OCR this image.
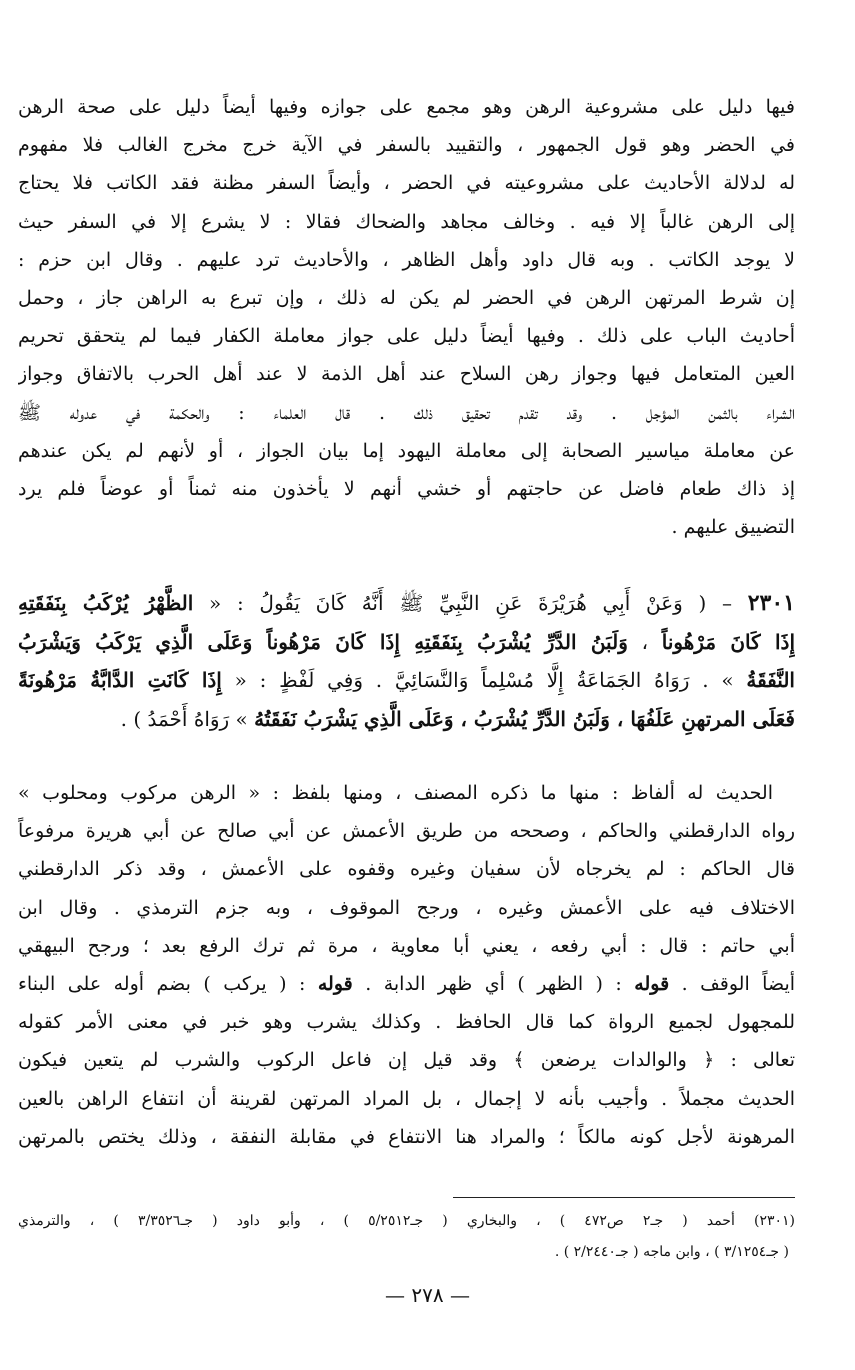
فيها دليل على مشروعية الرهن وهو مجمع على جوازه وفيها أيضاً دليل على صحة الرهن
في الحضر وهو قول الجمهور ، والتقييد بالسفر في الآية خرج مخرج الغالب فلا مفهوم
له لدلالة الأحاديث على مشروعيته في الحضر ، وأيضاً السفر مظنة فقد الكاتب فلا يحتاج
إلى الرهن غالباً إلا فيه . وخالف مجاهد والضحاك فقالا : لا يشرع إلا في السفر حيث
لا يوجد الكاتب . وبه قال داود وأهل الظاهر ، والأحاديث ترد عليهم . وقال ابن حزم :
إن شرط المرتهن الرهن في الحضر لم يكن له ذلك ، وإن تبرع به الراهن جاز ، وحمل
أحاديث الباب على ذلك . وفيها أيضاً دليل على جواز معاملة الكفار فيما لم يتحقق تحريم
العين المتعامل فيها وجواز رهن السلاح عند أهل الذمة لا عند أهل الحرب بالاتفاق وجواز
الشراء بالثمن المؤجل . وقد تقدم تحقيق ذلك . قال العلماء : والحكمة في عدوله ﷺ
عن معاملة مياسير الصحابة إلى معاملة اليهود إما بيان الجواز ، أو لأنهم لم يكن عندهم
إذ ذاك طعام فاضل عن حاجتهم أو خشي أنهم لا يأخذون منه ثمناً أو عوضاً فلم يرد
التضييق عليهم .
٢٣٠١ – ( وَعَنْ أَبِي هُرَيْرَةَ عَنِ النَّبِيِّ ﷺ أَنَّهُ كَانَ يَقُولُ : « الظَّهْرُ يُرْكَبُ بِنَفَقَتِهِ
إِذَا كَانَ مَرْهُوناً ، وَلَبَنُ الدَّرِّ يُشْرَبُ بِنَفَقَتِهِ إِذَا كَانَ مَرْهُوناً وَعَلَى الَّذِي يَرْكَبُ وَيَشْرَبُ
النَّفَقَةُ » . رَوَاهُ الجَمَاعَةُ إِلَّا مُسْلِماً وَالنَّسَائِيَّ . وَفِي لَفْظٍ : « إِذَا كَانَتِ الدَّابَّةُ مَرْهُونَةً
فَعَلَى المرتهنِ عَلَفُهَا ، وَلَبَنُ الدَّرِّ يُشْرَبُ ، وَعَلَى الَّذِي يَشْرَبُ نَفَقَتُهُ » رَوَاهُ أَحْمَدُ ) .
الحديث له ألفاظ : منها ما ذكره المصنف ، ومنها بلفظ : « الرهن مركوب ومحلوب »
رواه الدارقطني والحاكم ، وصححه من طريق الأعمش عن أبي صالح عن أبي هريرة مرفوعاً
قال الحاكم : لم يخرجاه لأن سفيان وغيره وقفوه على الأعمش ، وقد ذكر الدارقطني
الاختلاف فيه على الأعمش وغيره ، ورجح الموقوف ، وبه جزم الترمذي . وقال ابن
أبي حاتم : قال : أبي رفعه ، يعني أبا معاوية ، مرة ثم ترك الرفع بعد ؛ ورجح البيهقي
أيضاً الوقف . قوله : ( الظهر ) أي ظهر الدابة . قوله : ( يركب ) بضم أوله على البناء
للمجهول لجميع الرواة كما قال الحافظ . وكذلك يشرب وهو خبر في معنى الأمر كقوله
تعالى : ﴿ والوالدات يرضعن ﴾ وقد قيل إن فاعل الركوب والشرب لم يتعين فيكون
الحديث مجملاً . وأجيب بأنه لا إجمال ، بل المراد المرتهن لقرينة أن انتفاع الراهن بالعين
المرهونة لأجل كونه مالكاً ؛ والمراد هنا الانتفاع في مقابلة النفقة ، وذلك يختص بالمرتهن
(٢٣٠١) أحمد ( جـ٢ ص٤٧٢ ) ، والبخاري ( جـ٥/٢٥١٢ ) ، وأبو داود ( جـ٣/٣٥٢٦ ) ، والترمذي
( جـ٣/١٢٥٤ ) ، وابن ماجه ( جـ٢/٢٤٤٠ ) .
— ٢٧٨ —
